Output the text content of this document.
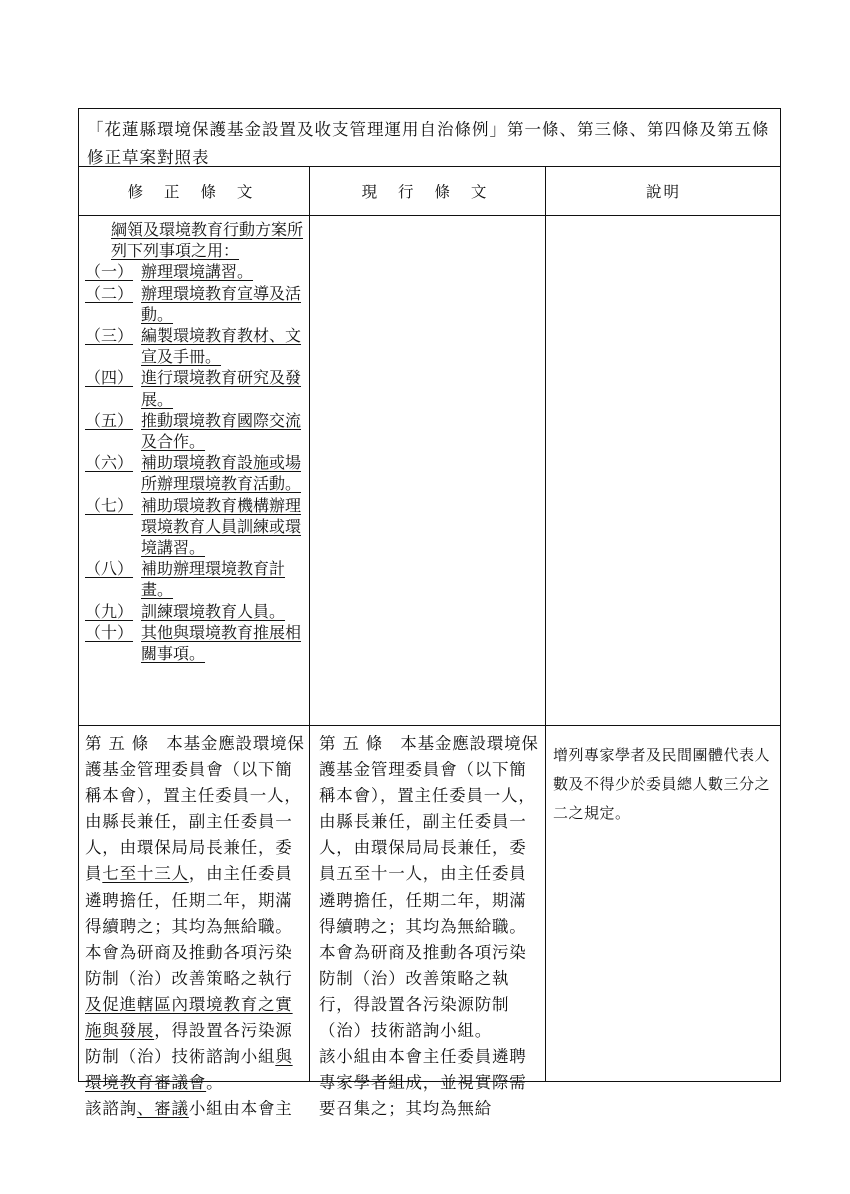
「花蓮縣環境保護基金設置及收支管理運用自治條例」第一條、第三條、第四條及第五條修正草案對照表
修 正 條 文	現 行 條 文	說明
綱領及環境教育行動方案所列下列事項之用：
（一） 辦理環境講習。
（二） 辦理環境教育宣導及活動。
（三） 編製環境教育教材、文宣及手冊。
（四） 進行環境教育研究及發展。
（五） 推動環境教育國際交流及合作。
（六） 補助環境教育設施或場所辦理環境教育活動。
（七） 補助環境教育機構辦理環境教育人員訓練或環境講習。
（八） 補助辦理環境教育計畫。
（九） 訓練環境教育人員。
（十） 其他與環境教育推展相關事項。
第 五 條　本基金應設環境保護基金管理委員會（以下簡稱本會），置主任委員一人，由縣長兼任，副主任委員一人，由環保局局長兼任，委員七至十三人，由主任委員遴聘擔任，任期二年，期滿得續聘之；其均為無給職。
本會為研商及推動各項污染防制（治）改善策略之執行及促進轄區內環境教育之實施與發展，得設置各污染源防制（治）技術諮詢小組與環境教育審議會。
該諮詢、審議小組由本會主
第 五 條　本基金應設環境保護基金管理委員會（以下簡稱本會），置主任委員一人，由縣長兼任，副主任委員一人，由環保局局長兼任，委員五至十一人，由主任委員遴聘擔任，任期二年，期滿得續聘之；其均為無給職。
本會為研商及推動各項污染防制（治）改善策略之執行，得設置各污染源防制（治）技術諮詢小組。
該小組由本會主任委員遴聘專家學者組成，並視實際需要召集之；其均為無給
增列專家學者及民間團體代表人數及不得少於委員總人數三分之二之規定。
